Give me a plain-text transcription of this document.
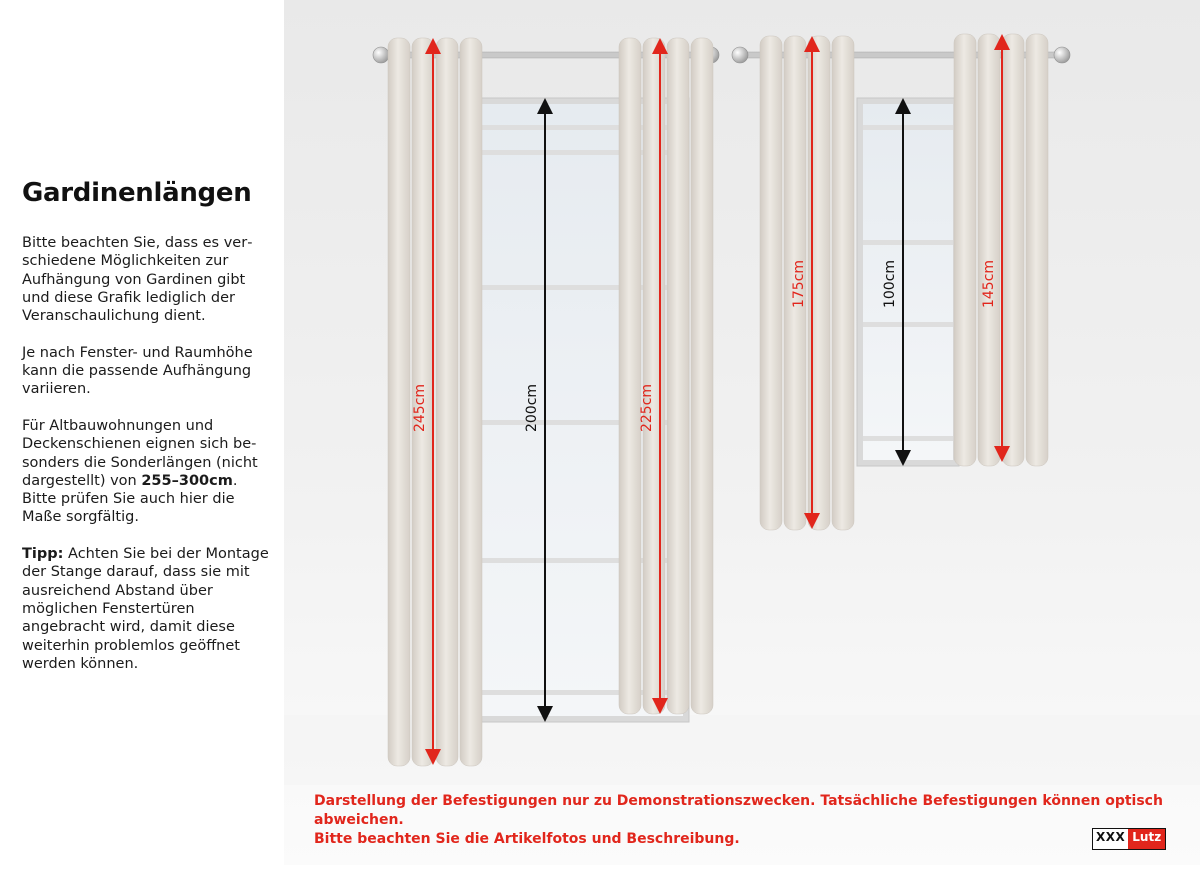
Gardinenlängen

Bitte beachten Sie, dass es verschiedene Möglichkeiten zur Aufhängung von Gardinen gibt und diese Grafik lediglich der Veranschaulichung dient.

Je nach Fenster- und Raumhöhe kann die passende Aufhängung variieren.

Für Altbauwohnungen und Deckenschienen eignen sich besonders die Sonderlängen (nicht dargestellt) von 255–300cm. Bitte prüfen Sie auch hier die Maße sorgfältig.

Tipp: Achten Sie bei der Montage der Stange darauf, dass sie mit ausreichend Abstand über möglichen Fenstertüren angebracht wird, damit diese weiterhin problemlos geöffnet werden können.

245cm	200cm	225cm
175cm	100cm	145cm

Darstellung der Befestigungen nur zu Demonstrationszwecken. Tatsächliche Befestigungen können optisch abweichen.
Bitte beachten Sie die Artikelfotos und Beschreibung.	XXX Lutz
